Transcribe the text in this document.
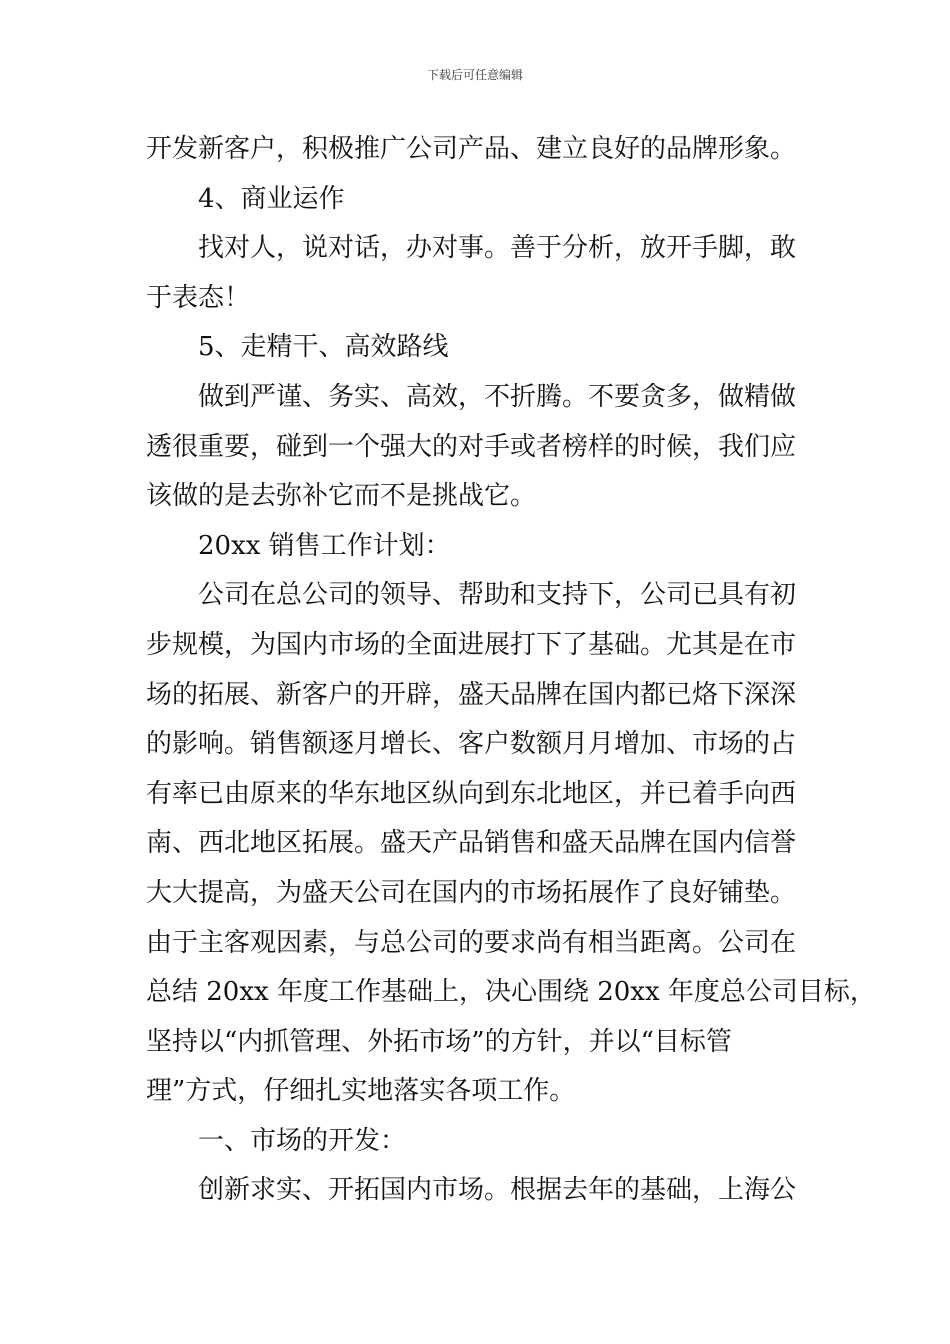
下载后可任意编辑
开发新客户，积极推广公司产品、建立良好的品牌形象。
4、商业运作
找对人，说对话，办对事。善于分析，放开手脚，敢
于表态！
5、走精干、高效路线
做到严谨、务实、高效，不折腾。不要贪多，做精做
透很重要，碰到一个强大的对手或者榜样的时候，我们应
该做的是去弥补它而不是挑战它。
20xx 销售工作计划：
公司在总公司的领导、帮助和支持下，公司已具有初
步规模，为国内市场的全面进展打下了基础。尤其是在市
场的拓展、新客户的开辟，盛天品牌在国内都已烙下深深
的影响。销售额逐月增长、客户数额月月增加、市场的占
有率已由原来的华东地区纵向到东北地区，并已着手向西
南、西北地区拓展。盛天产品销售和盛天品牌在国内信誉
大大提高，为盛天公司在国内的市场拓展作了良好铺垫。
由于主客观因素，与总公司的要求尚有相当距离。公司在
总结 20xx 年度工作基础上，决心围绕 20xx 年度总公司目标，
坚持以“内抓管理、外拓市场”的方针，并以“目标管
理”方式，仔细扎实地落实各项工作。
一、市场的开发：
创新求实、开拓国内市场。根据去年的基础，上海公
